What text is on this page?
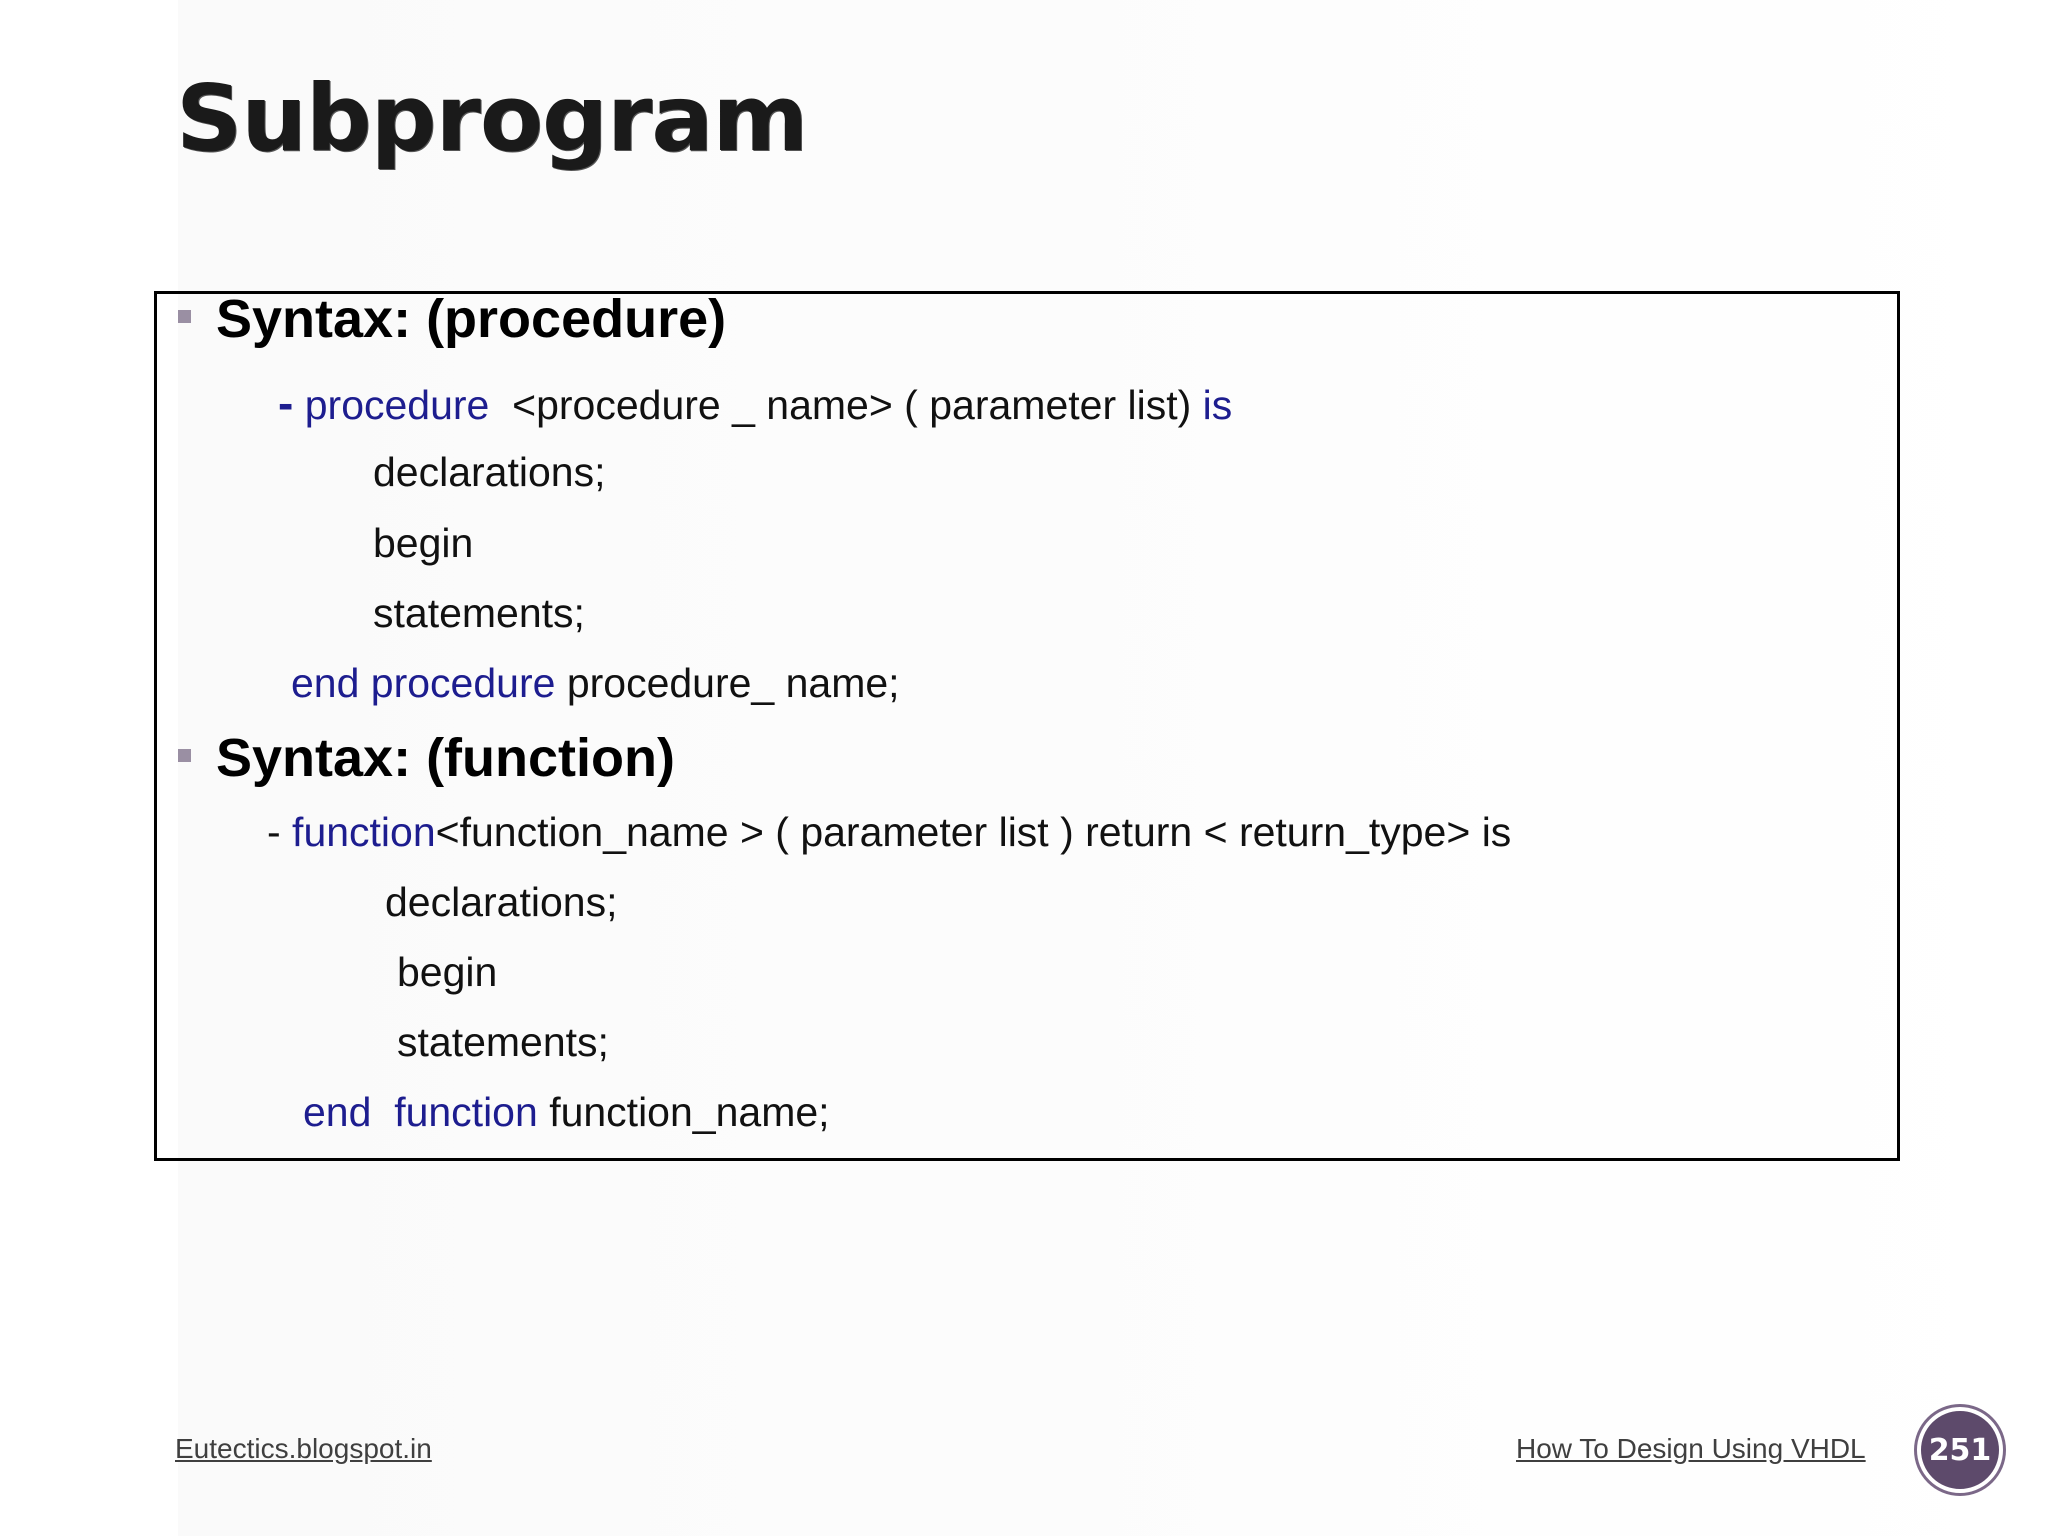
Subprogram
Syntax: (procedure)
- procedure  <procedure _ name> ( parameter list) is
declarations;
begin
statements;
end procedure procedure_ name;
Syntax: (function)
- function<function_name > ( parameter list ) return < return_type> is
declarations;
begin
statements;
end  function function_name;
Eutectics.blogspot.in	How To Design Using VHDL	251
